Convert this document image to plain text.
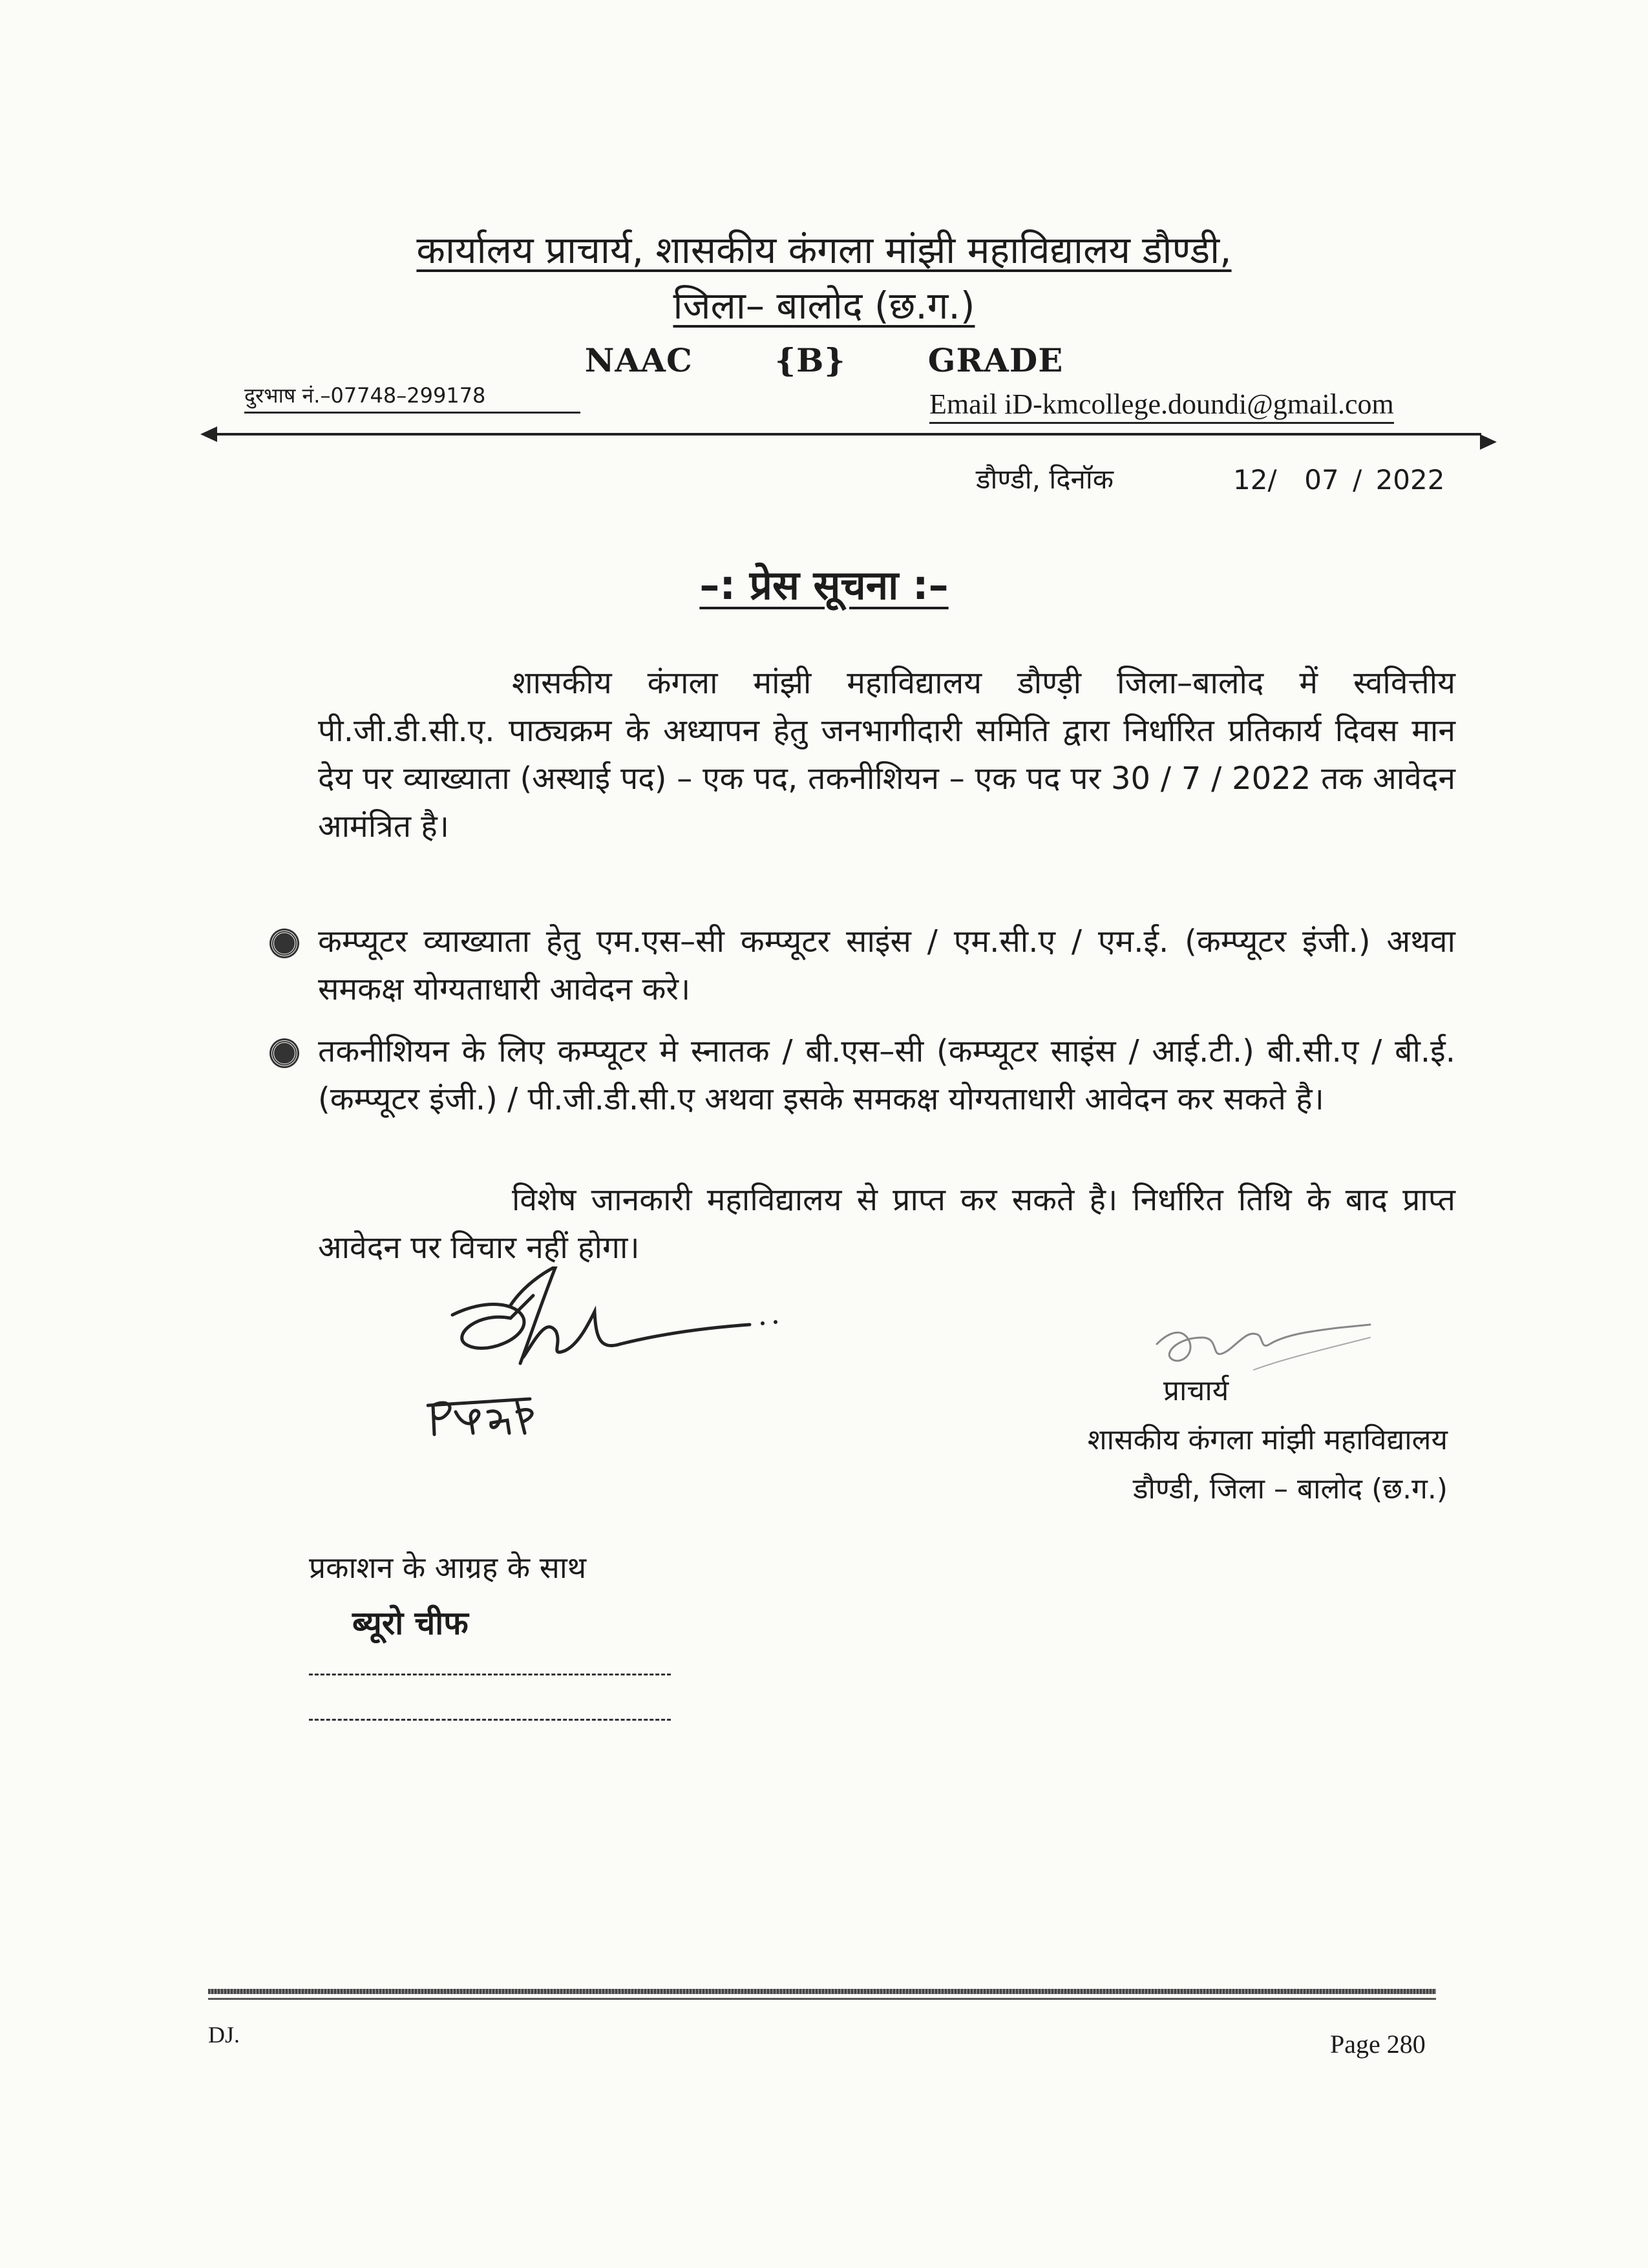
कार्यालय प्राचार्य, शासकीय कंगला मांझी महाविद्यालय डौण्डी,
जिला– बालोद (छ.ग.)
NAAC   {B}   GRADE
दुरभाष नं.–07748–299178	Email iD-kmcollege.doundi@gmail.com
डौण्डी, दिनॉक	12/  07 / 2022
–: प्रेस सूचना :–
शासकीय कंगला मांझी महाविद्यालय डौण्ड़ी जिला–बालोद में स्ववित्तीय पी.जी.डी.सी.ए. पाठ्यक्रम के अध्यापन हेतु जनभागीदारी समिति द्वारा निर्धारित प्रतिकार्य दिवस मान देय पर व्याख्याता (अस्थाई पद) – एक पद, तकनीशियन – एक पद पर 30 / 7 / 2022 तक आवेदन आमंत्रित है।
कम्प्यूटर व्याख्याता हेतु एम.एस–सी कम्प्यूटर साइंस / एम.सी.ए / एम.ई. (कम्प्यूटर इंजी.) अथवा समकक्ष योग्यताधारी आवेदन करे।
तकनीशियन के लिए कम्प्यूटर मे स्नातक / बी.एस–सी (कम्प्यूटर साइंस / आई.टी.) बी.सी.ए / बी.ई. (कम्प्यूटर इंजी.) / पी.जी.डी.सी.ए अथवा इसके समकक्ष योग्यताधारी आवेदन कर सकते है।
विशेष जानकारी महाविद्यालय से प्राप्त कर सकते है। निर्धारित तिथि के बाद प्राप्त आवेदन पर विचार नहीं होगा।
प्राचार्य
शासकीय कंगला मांझी महाविद्यालय
डौण्डी, जिला – बालोद (छ.ग.)
प्रकाशन के आग्रह के साथ
ब्यूरो चीफ
DJ.	Page 280
